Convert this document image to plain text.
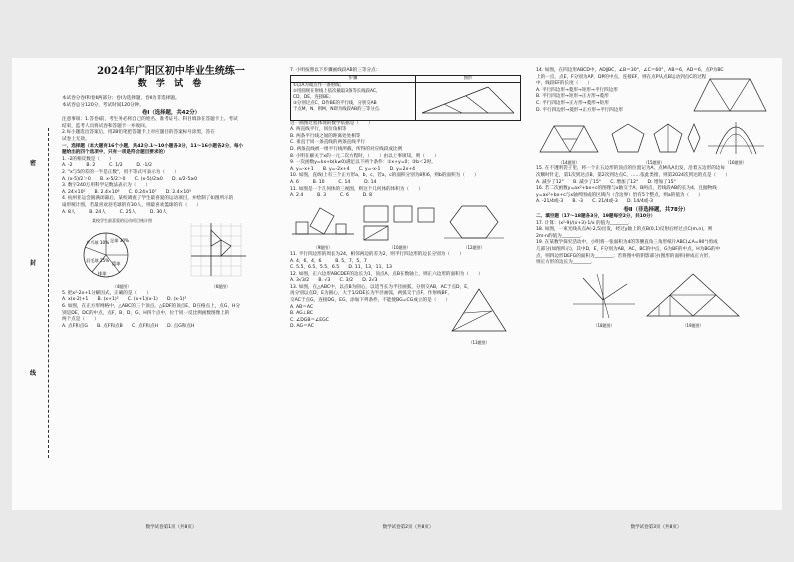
密
封
线

2024年广阳区初中毕业生统练一

数 学 试 卷

本试卷分卷Ⅰ和卷Ⅱ两部分；卷Ⅰ为选择题，卷Ⅱ为非选择题。

本试卷总分120分，考试时间120分钟。

卷Ⅰ（选择题，共42分）

注意事项：1.答卷Ⅰ前，考生务必将自己的姓名、准考证号、科目填涂在答题卡上。考试

结束，监考人员将试卷和答题卡一并收回。

2.每小题选出答案后，用2B铅笔把答题卡上对应题目的答案标号涂黑，答在

试卷上无效。

一、选择题（本大题有16个小题，共42分.1～10小题各3分，11～16小题各2分，每小

题给出的四个选项中，只有一项是符合题目要求的）

1. -2的相反数是（　　）

A. -2　　　B. 2　　　C. 1/2　　　D. -1/2

2. "x与5的差的一半是正数"，用不等式可表示为（　　）

A. (x-5)/2＞0　　B. x-5/2＞0　　C. (x-5)/2≥0　　D. x/2-5≥0

3. 数字240万用科学记数法表示为（　　）

A. 24×10⁵　　B. 2.4×10⁶　　C. 0.24×10⁷　　D. 2.4×10⁵

4. 杭州亚运会圆满闭幕后，某校调查了学生最喜爱的运动项目，并绘制了如图所示的

扇形统计图，若最喜欢羽毛球的有30人，则最喜欢篮球的有（　　）

A. 8人　　　B. 24人　　　C. 25人　　　D. 30人

某校学生最喜爱的运动项目统计图

足球 30%
篮球
排球
羽毛球 25%
乒乓球 10%

（4题图）	（6题图）

5. 把x²-2x+1分解因式，正确的是（　　）

A. x(x-2)+1　　B. (x+1)²　　C. (x+1)(x-1)　　D. (x-1)²

6. 如图，在正方形网格中，△ABC的三个顶点，△EDF的顶点E，D在格点上，点G，H分

别是DE，DC的中点，点F，B，D，G，H四个点中，位于同一反比例函数图像上的

两个点是（　　）

A. 点F和点G　　B. 点F和点B　　C. 点F和点H　　D. 点G和点H

数学试卷第1页（共8页）

7. 小明按照以下步骤画线段AB的三等分点：

步骤	图形

①以A为端点作一条射线；

②用圆规在射线上依次截取3条等长线段AC，

CD，DE，连接BE；

③分别过点C，D作BE的平行线，分别交AB

于点M，N，则M，N即为线段AB的三等分点.

这一画图过程体现的数学依据是（　　）

A. 两直线平行，同位角相等

B. 两条平行线之间的距离处处相等

C. 垂直于同一条直线的两条直线平行

D. 两条直线被一组平行线所截，所得的对应线段成比例

8. 小明在解关于x的一元二次方程时，（　　）由以上事项知，则（　　）

9. 一次函数y=kx+b(k≠0)满足以下两个条件：①x+y=0；②b＜2时，

A. y=-x+1　　B. y=-2x+4　　C. y=-x-1　　D. y=2x+4

10. 如图，直线l上有三个正方形a，b，c，若a，c的面积分别为8和6，则b的面积为（　　）

A. 6　　　B. 10　　　C. 14　　　D. 14

11. 如图是一个几何体的三视图，则这个几何体的体积为（　　）

A. 2.4　　　B. 3　　　C. 6　　　D. 8

（9题图）	（10题图）	（12题图）

11. 平行四边形的周长为24，相邻两边的差为2，则平行四边形的边长分别为（　　）

A. 4，6，4，6　　　B. 5，7，5，7

C. 5.5，6.5，5.5，6.5　　D. 11，13，11，13

12. 如图，正六边形ABCDEF的边长为1，顶点A，点B在数轴上，则正六边形的面积为（　　）

A. 3√3/2　　B. √3　　C. 3/2　　D. 2√3

13. 如图，在△ABC中，以点B为圆心，以适当长为半径画弧，分别交AB，AC于点D，E，

再分别以点D，E为圆心，大于1/2DE长为半径画弧，两弧交于点F，作射线BF，

交AC于点G，连接DG，EG，添加下列条件，不能使BG=CG成立的是（　　）

A. AB＝AC

B. AG⊥BC

C. ∠DGB＝∠EGC

D. AG＝AC

（13题图）

数学试卷第2页（共8页）

14. 如图，在四边形ABCD中，AD∥BC，∠B＝30°，∠C＝60°，AB＝6，AD＝6，点P为BC

上的一点，点E，F分别为AP，DP的中点，连接EF，则在点P从点B运动到点C的过程

中，线段EF的长度（　　）

A. 平行四边形→菱形→矩形→平行四边形

B. 平行四边形→矩形→正方形→菱形

C. 平行四边形→正方形→菱形→矩形

D. 平行四边形→菱形→正方形→平行四边形

（14题图）	（15题图）	（16题图）

15. 在不透明袋子里，将一个正五边形的顶点的位置记为A，点M从A出发，沿着五边形的边每

次顺时针走，第1次到达点B，第2次到达点C，……依此类推，则第2024次到达的点是（　　）

A. 减少了12°　　B. 减少了15°　　C. 增加了12°　　D. 增加了15°

16. 若二次函数y=ax²+bx+c的图像与x轴交于A，B两点，若线段AB的长为4，且抛物线

y=ax²+bx+c与x轴所围成的区域内（含边界）恰有5个整点，则a的值为（　　）

A. -21/4或-3　　B. -3　　C. 21/4或-3　　D. 14/4或-3

卷Ⅱ（非选择题，共78分）

二、填空题（17～18题各3分，19题每空2分，共10分）

17. 计算：(x²-9)/(x+3)·1/x 的值为________.

18. 如图，一束光线从点A(-2,5)出发，经过y轴上的点B(0,1)反射后经过点C(m,n)，则

2m-n的值为________.

19. 在某数学探究活动中，小明将一张面积为4的等腰直角三角形纸片ABC(∠A=90°)剪成

几部分(如图所示)，其中D，E，F分别为AB，AC，BC的中点，G为BF的中点，H为BG的中

点，则四边形DEFG的面积为________；若将图中的阴影部分(图形的面积)拼成正方形，

则正方形的边长为________.

（18题图）	（19题图）

数学试卷第3页（共8页）
